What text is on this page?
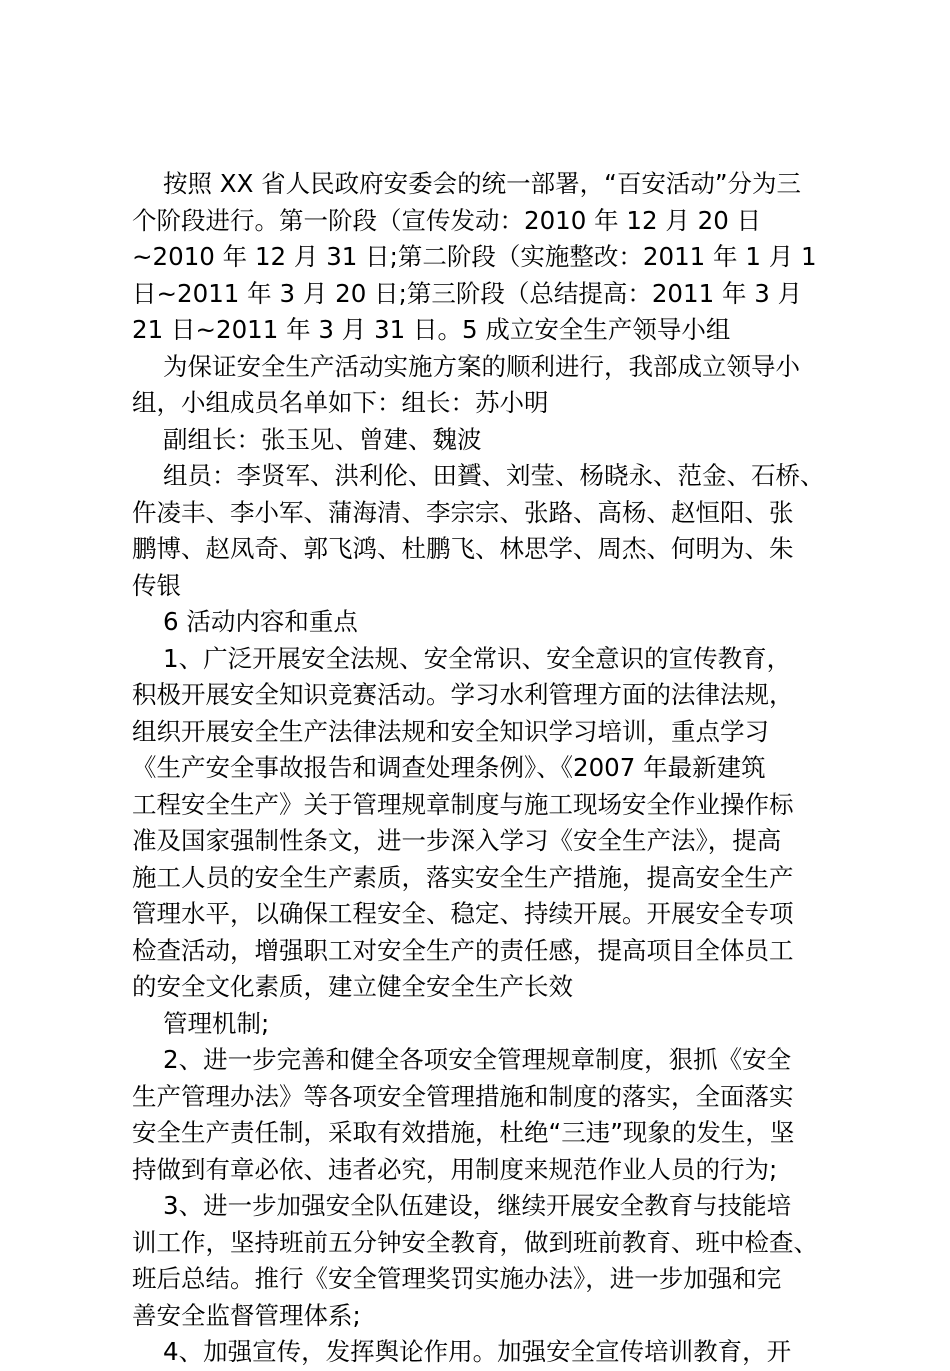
按照 XX 省人民政府安委会的统一部署，“百安活动”分为三
个阶段进行。第一阶段（宣传发动：2010 年 12 月 20 日
~2010 年 12 月 31 日;第二阶段（实施整改：2011 年 1 月 1
日~2011 年 3 月 20 日;第三阶段（总结提高：2011 年 3 月
21 日~2011 年 3 月 31 日。5 成立安全生产领导小组
为保证安全生产活动实施方案的顺利进行，我部成立领导小
组，小组成员名单如下：组长：苏小明
副组长：张玉见、曾建、魏波
组员：李贤军、洪利伦、田贇、刘莹、杨晓永、范金、石桥、
仵凌丰、李小军、蒲海清、李宗宗、张路、高杨、赵恒阳、张
鹏博、赵凤奇、郭飞鸿、杜鹏飞、林思学、周杰、何明为、朱
传银
6 活动内容和重点
1、广泛开展安全法规、安全常识、安全意识的宣传教育，
积极开展安全知识竞赛活动。学习水利管理方面的法律法规，
组织开展安全生产法律法规和安全知识学习培训，重点学习
《生产安全事故报告和调查处理条例》、《2007 年最新建筑
工程安全生产》关于管理规章制度与施工现场安全作业操作标
准及国家强制性条文，进一步深入学习《安全生产法》，提高
施工人员的安全生产素质，落实安全生产措施，提高安全生产
管理水平，以确保工程安全、稳定、持续开展。开展安全专项
检查活动，增强职工对安全生产的责任感，提高项目全体员工
的安全文化素质，建立健全安全生产长效
管理机制;
2、进一步完善和健全各项安全管理规章制度，狠抓《安全
生产管理办法》等各项安全管理措施和制度的落实，全面落实
安全生产责任制，采取有效措施，杜绝“三违”现象的发生，坚
持做到有章必依、违者必究，用制度来规范作业人员的行为;
3、进一步加强安全队伍建设，继续开展安全教育与技能培
训工作，坚持班前五分钟安全教育，做到班前教育、班中检查、
班后总结。推行《安全管理奖罚实施办法》，进一步加强和完
善安全监督管理体系;
4、加强宣传，发挥舆论作用。加强安全宣传培训教育，开
